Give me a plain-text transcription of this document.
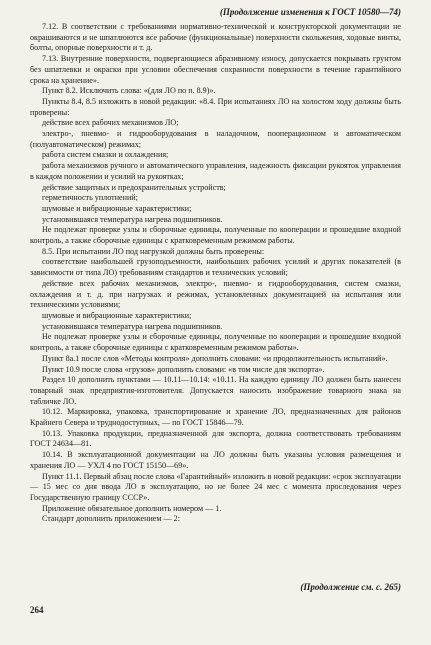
(Продолжение изменения к ГОСТ 10580—74)

7.12. В соответствии с требованиями нормативно-технической и конструкторской документации не окрашиваются и не шпатлюются все рабочие (функциональные) поверхности скольжения, ходовые винты, болты, опорные поверхности и т. д.

7.13. Внутренние поверхности, подвергающиеся абразивному износу, допускается покрывать грунтом без шпатлевки и окраски при условии обеспечения сохранности поверхности в течение гарантийного срока на хранение».

Пункт 8.2. Исключить слова: «(для ЛО по п. 8.9)».

Пункты 8.4, 8.5 изложить в новой редакции: «8.4. При испытаниях ЛО на холостом ходу должны быть проверены:

действие всех рабочих механизмов ЛО;

электро-, пневмо- и гидрооборудования в наладочном, пооперационном и автоматическом (полуавтоматическом) режимах;

работа систем смазки и охлаждения;

работа механизмов ручного и автоматического управления, надежность фиксации рукояток управления в каждом положении и усилий на рукоятках;

действие защитных и предохранительных устройств;

герметичность уплотнений;

шумовые и вибрационные характеристики;

установившаяся температура нагрева подшипников.

Не подлежат проверке узлы и сборочные единицы, полученные по кооперации и прошедшие входной контроль, а также сборочные единицы с кратковременным режимом работы.

8.5. При испытании ЛО под нагрузкой должны быть проверены:

соответствие наибольшей грузоподъемности, наибольших рабочих усилий и других показателей (в зависимости от типа ЛО) требованиям стандартов и технических условий;

действие всех рабочих механизмов, электро-, пневмо- и гидрооборудования, систем смазки, охлаждения и т. д. при нагрузках и режимах, установленных документацией на испытания или техническими условиями;

шумовые и вибрационные характеристики;

установившаяся температура нагрева подшипников.

Не подлежат проверке узлы и сборочные единицы, полученные по кооперации и прошедшие входной контроль, а также сборочные единицы с кратковременным режимом работы».

Пункт 8а.1 после слов «Методы контроля» дополнить словами: «и продолжительность испытаний».

Пункт 10.9 после слова «грузов» дополнить словами: «в том числе для экспорта».

Раздел 10 дополнить пунктами — 10.11—10.14: «10.11. На каждую единицу ЛО должен быть нанесен товарный знак предприятия-изготовителя. Допускается наносить изображение товарного знака на табличке ЛО.

10.12. Маркировка, упаковка, транспортирование и хранение ЛО, предназначенных для районов Крайнего Севера и труднодоступных, — по ГОСТ 15846—79.

10.13. Упаковка продукции, предназначенной для экспорта, должна соответствовать требованиям ГОСТ 24634—81.

10.14. В эксплуатационной документации на ЛО должны быть указаны условия размещения и хранения ЛО — УХЛ 4 по ГОСТ 15150—69».

Пункт 11.1. Первый абзац после слова «Гарантийный» изложить в новой редакции: «срок эксплуатации — 15 мес со дня ввода ЛО в эксплуатацию, но не более 24 мес с момента проследования через Государственную границу СССР».

Приложение обязательное дополнить номером — 1.

Стандарт дополнить приложением — 2:

(Продолжение см. с. 265)
264
